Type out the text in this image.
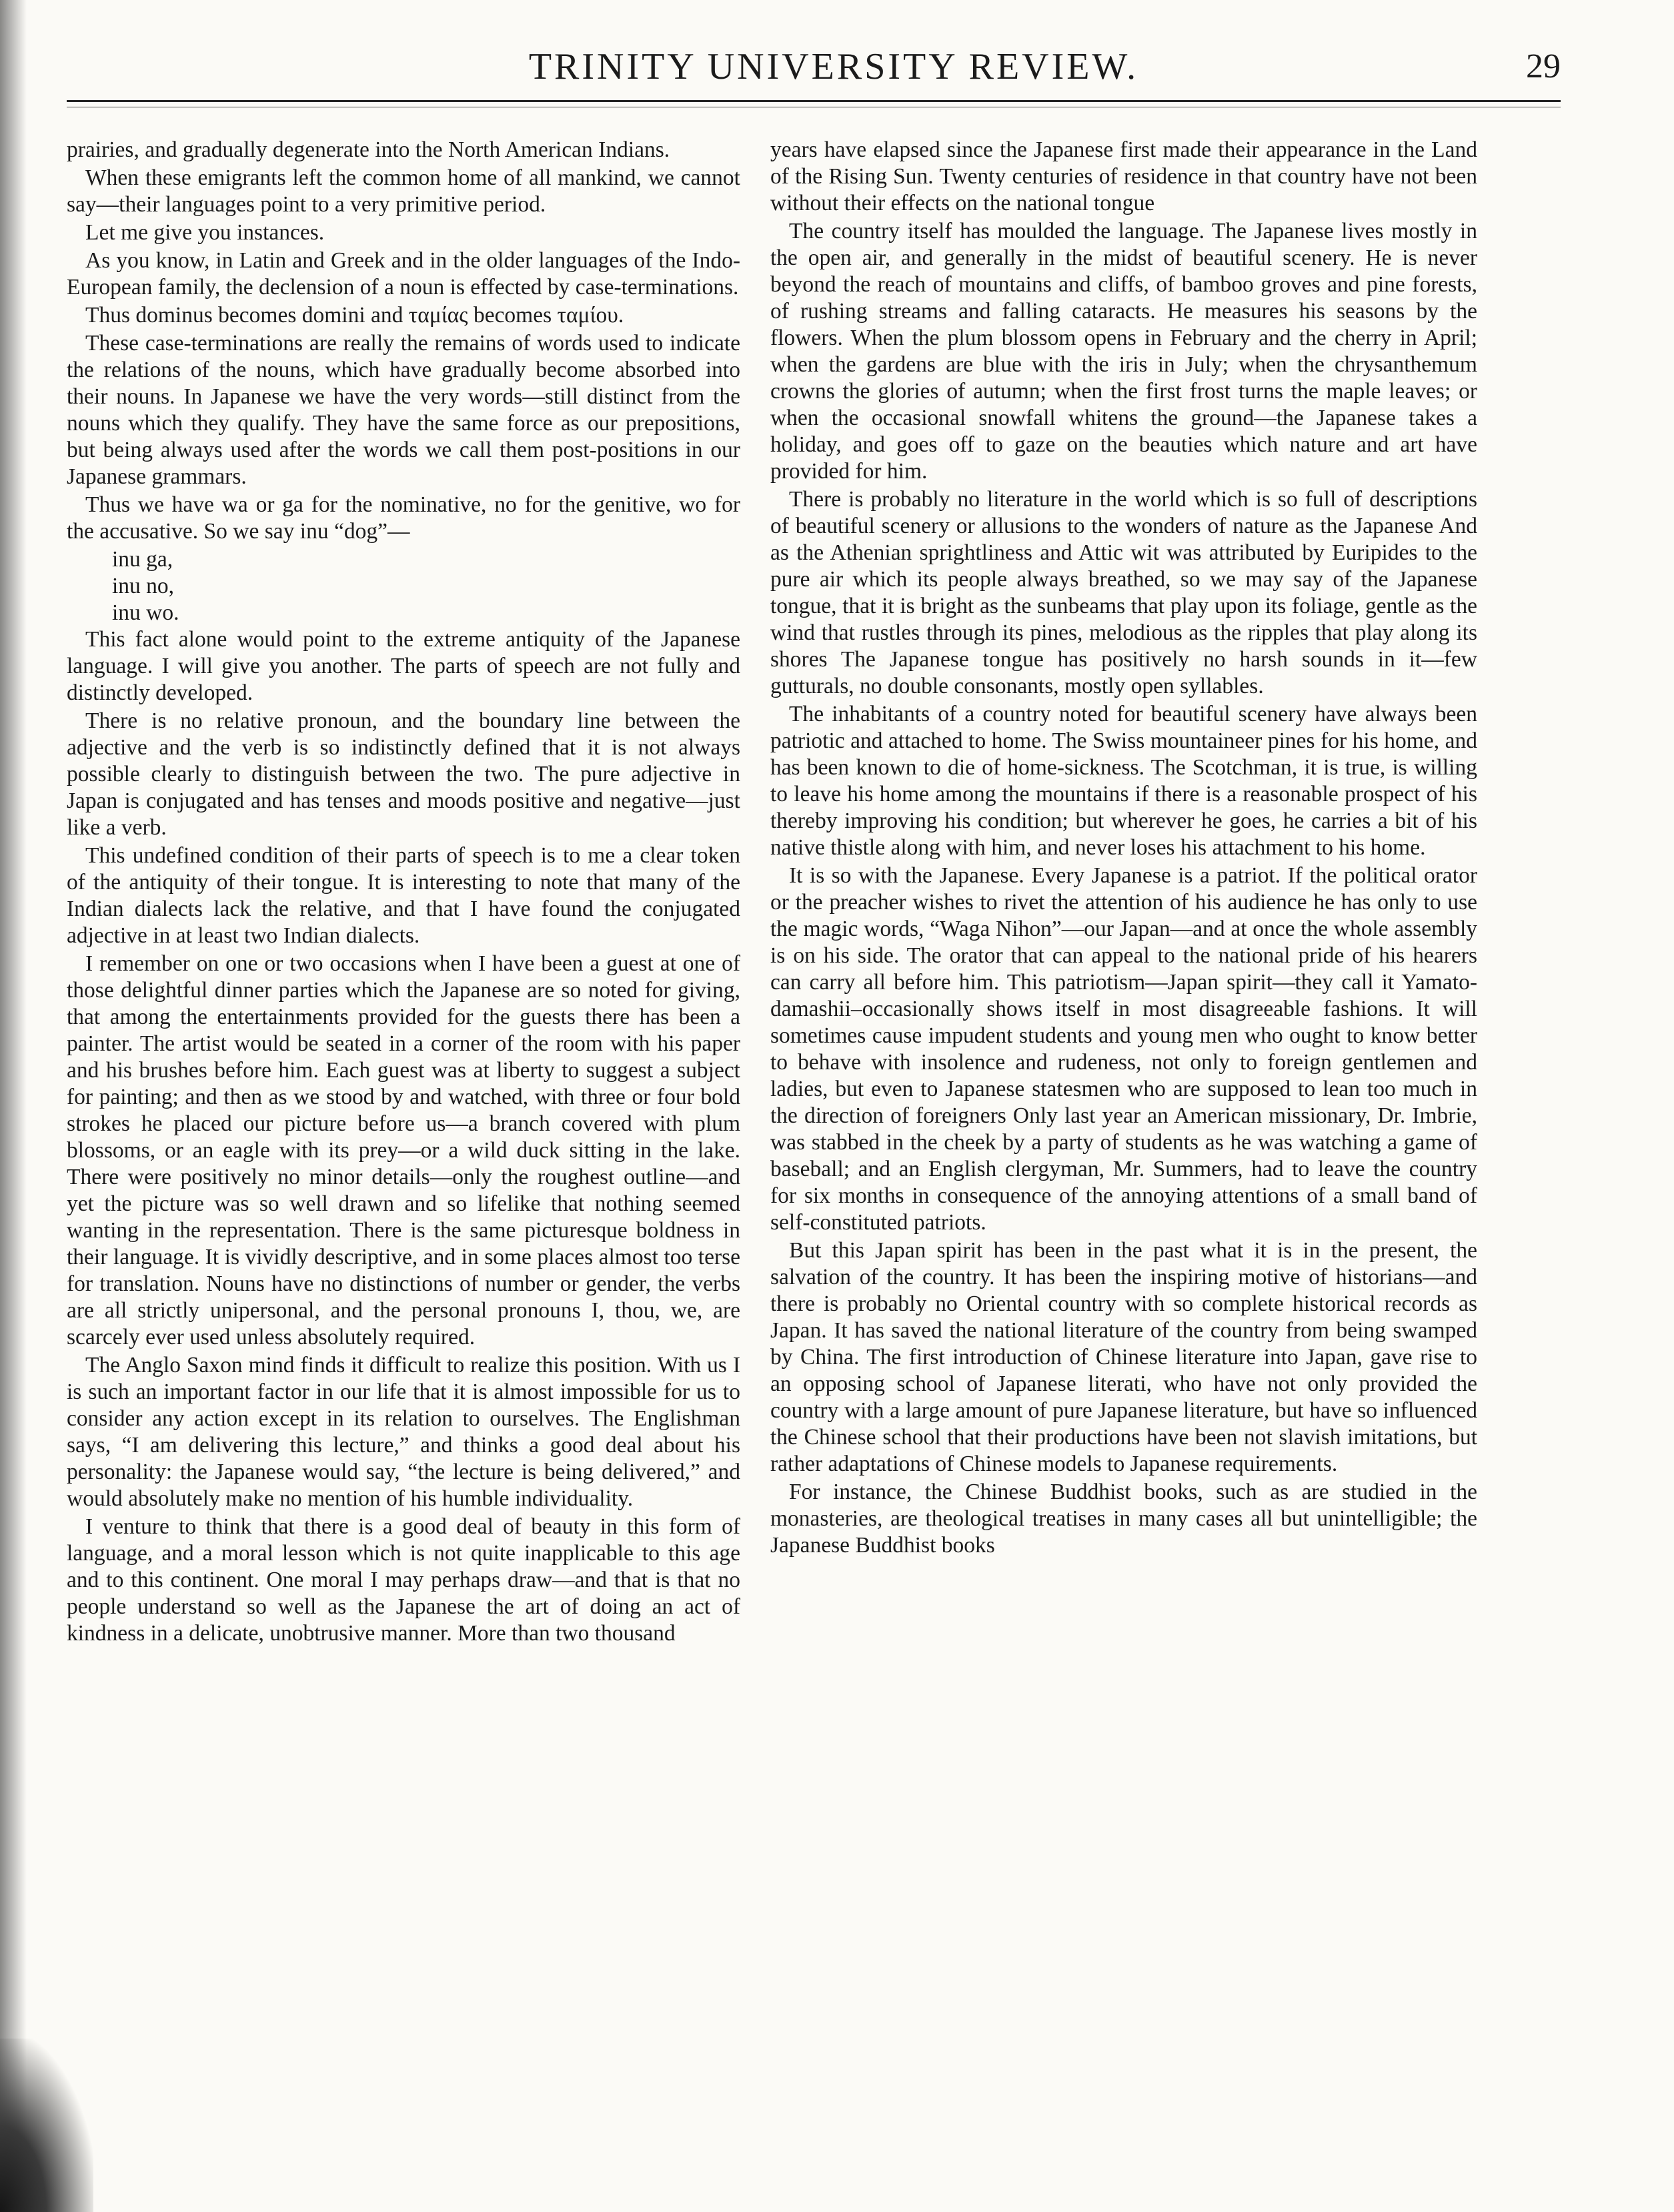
TRINITY UNIVERSITY REVIEW.	29

prairies, and gradually degenerate into the North American Indians.

When these emigrants left the common home of all mankind, we cannot say—their languages point to a very primitive period.

Let me give you instances.

As you know, in Latin and Greek and in the older languages of the Indo-European family, the declension of a noun is effected by case-terminations.

Thus dominus becomes domini and ταμίας becomes ταμίου.

These case-terminations are really the remains of words used to indicate the relations of the nouns, which have gradually become absorbed into their nouns. In Japanese we have the very words—still distinct from the nouns which they qualify. They have the same force as our prepositions, but being always used after the words we call them post-positions in our Japanese grammars.

Thus we have wa or ga for the nominative, no for the genitive, wo for the accusative. So we say inu “dog”—

inu ga,

inu no,

inu wo.

This fact alone would point to the extreme antiquity of the Japanese language. I will give you another. The parts of speech are not fully and distinctly developed.

There is no relative pronoun, and the boundary line between the adjective and the verb is so indistinctly defined that it is not always possible clearly to distinguish between the two. The pure adjective in Japan is conjugated and has tenses and moods positive and negative—just like a verb.

This undefined condition of their parts of speech is to me a clear token of the antiquity of their tongue. It is interesting to note that many of the Indian dialects lack the relative, and that I have found the conjugated adjective in at least two Indian dialects.

I remember on one or two occasions when I have been a guest at one of those delightful dinner parties which the Japanese are so noted for giving, that among the entertainments provided for the guests there has been a painter. The artist would be seated in a corner of the room with his paper and his brushes before him. Each guest was at liberty to suggest a subject for painting; and then as we stood by and watched, with three or four bold strokes he placed our picture before us—a branch covered with plum blossoms, or an eagle with its prey—or a wild duck sitting in the lake. There were positively no minor details—only the roughest outline—and yet the picture was so well drawn and so lifelike that nothing seemed wanting in the representation. There is the same picturesque boldness in their language. It is vividly descriptive, and in some places almost too terse for translation. Nouns have no distinctions of number or gender, the verbs are all strictly unipersonal, and the personal pronouns I, thou, we, are scarcely ever used unless absolutely required.

The Anglo Saxon mind finds it difficult to realize this position. With us I is such an important factor in our life that it is almost impossible for us to consider any action except in its relation to ourselves. The Englishman says, “I am delivering this lecture,” and thinks a good deal about his personality: the Japanese would say, “the lecture is being delivered,” and would absolutely make no mention of his humble individuality.

I venture to think that there is a good deal of beauty in this form of language, and a moral lesson which is not quite inapplicable to this age and to this continent. One moral I may perhaps draw—and that is that no people understand so well as the Japanese the art of doing an act of kindness in a delicate, unobtrusive manner. More than two thousand

years have elapsed since the Japanese first made their appearance in the Land of the Rising Sun. Twenty centuries of residence in that country have not been without their effects on the national tongue

The country itself has moulded the language. The Japanese lives mostly in the open air, and generally in the midst of beautiful scenery. He is never beyond the reach of mountains and cliffs, of bamboo groves and pine forests, of rushing streams and falling cataracts. He measures his seasons by the flowers. When the plum blossom opens in February and the cherry in April; when the gardens are blue with the iris in July; when the chrysanthemum crowns the glories of autumn; when the first frost turns the maple leaves; or when the occasional snowfall whitens the ground—the Japanese takes a holiday, and goes off to gaze on the beauties which nature and art have provided for him.

There is probably no literature in the world which is so full of descriptions of beautiful scenery or allusions to the wonders of nature as the Japanese And as the Athenian sprightliness and Attic wit was attributed by Euripides to the pure air which its people always breathed, so we may say of the Japanese tongue, that it is bright as the sunbeams that play upon its foliage, gentle as the wind that rustles through its pines, melodious as the ripples that play along its shores The Japanese tongue has positively no harsh sounds in it—few gutturals, no double consonants, mostly open syllables.

The inhabitants of a country noted for beautiful scenery have always been patriotic and attached to home. The Swiss mountaineer pines for his home, and has been known to die of home-sickness. The Scotchman, it is true, is willing to leave his home among the mountains if there is a reasonable prospect of his thereby improving his condition; but wherever he goes, he carries a bit of his native thistle along with him, and never loses his attachment to his home.

It is so with the Japanese. Every Japanese is a patriot. If the political orator or the preacher wishes to rivet the attention of his audience he has only to use the magic words, “Waga Nihon”—our Japan—and at once the whole assembly is on his side. The orator that can appeal to the national pride of his hearers can carry all before him. This patriotism—Japan spirit—they call it Yamato-damashii–occasionally shows itself in most disagreeable fashions. It will sometimes cause impudent students and young men who ought to know better to behave with insolence and rudeness, not only to foreign gentlemen and ladies, but even to Japanese statesmen who are supposed to lean too much in the direction of foreigners Only last year an American missionary, Dr. Imbrie, was stabbed in the cheek by a party of students as he was watching a game of baseball; and an English clergyman, Mr. Summers, had to leave the country for six months in consequence of the annoying attentions of a small band of self-constituted patriots.

But this Japan spirit has been in the past what it is in the present, the salvation of the country. It has been the inspiring motive of historians—and there is probably no Oriental country with so complete historical records as Japan. It has saved the national literature of the country from being swamped by China. The first introduction of Chinese literature into Japan, gave rise to an opposing school of Japanese literati, who have not only provided the country with a large amount of pure Japanese literature, but have so influenced the Chinese school that their productions have been not slavish imitations, but rather adaptations of Chinese models to Japanese requirements.

For instance, the Chinese Buddhist books, such as are studied in the monasteries, are theological treatises in many cases all but unintelligible; the Japanese Buddhist books
